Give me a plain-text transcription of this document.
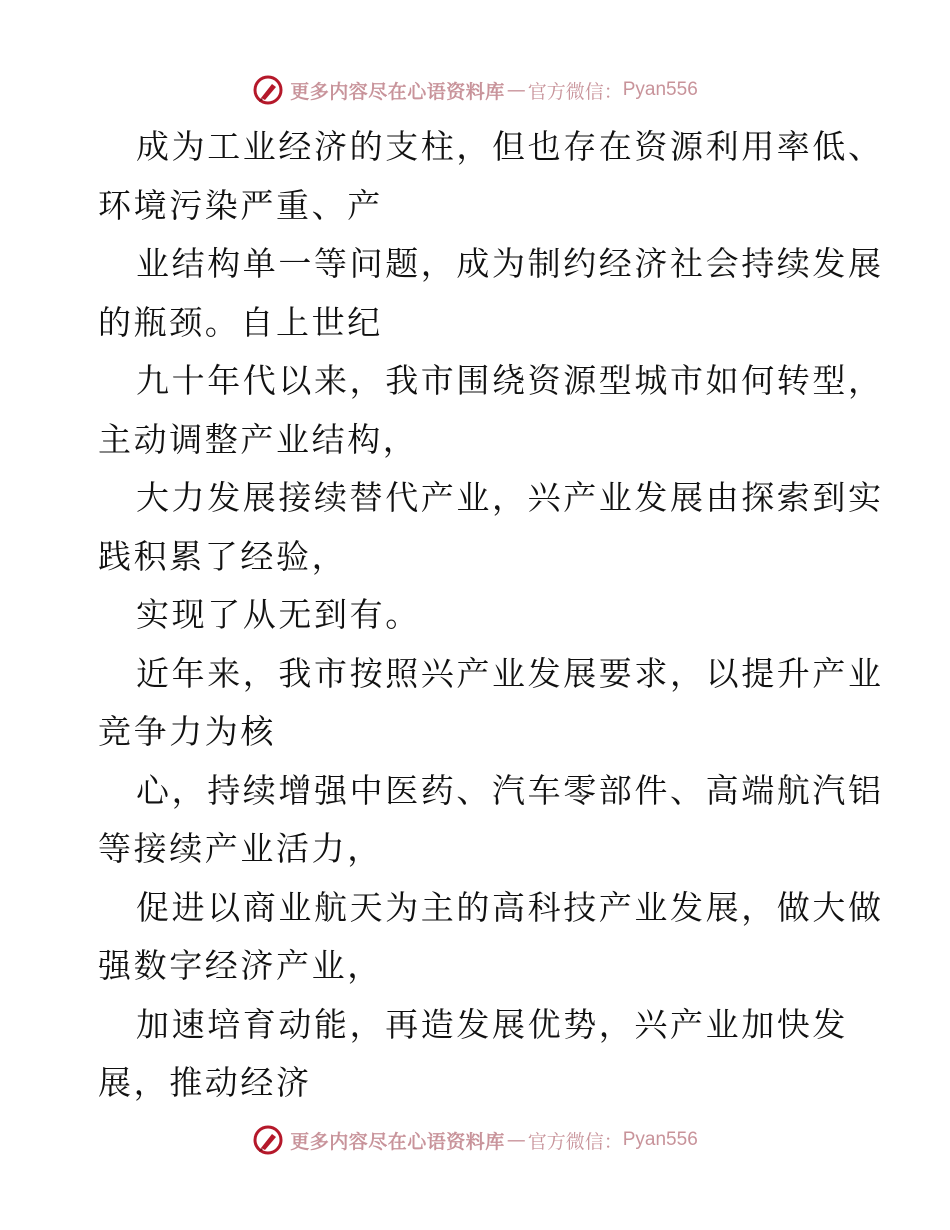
更多内容尽在心语资料库 — 官方微信： Pyan556
成为工业经济的支柱，但也存在资源利用率低、
环境污染严重、产
业结构单一等问题，成为制约经济社会持续发展
的瓶颈。自上世纪
九十年代以来，我市围绕资源型城市如何转型，
主动调整产业结构，
大力发展接续替代产业，兴产业发展由探索到实
践积累了经验，
实现了从无到有。
近年来，我市按照兴产业发展要求，以提升产业
竞争力为核
心，持续增强中医药、汽车零部件、高端航汽铝
等接续产业活力，
促进以商业航天为主的高科技产业发展，做大做
强数字经济产业，
加速培育动能，再造发展优势，兴产业加快发
展，推动经济
更多内容尽在心语资料库 — 官方微信： Pyan556
